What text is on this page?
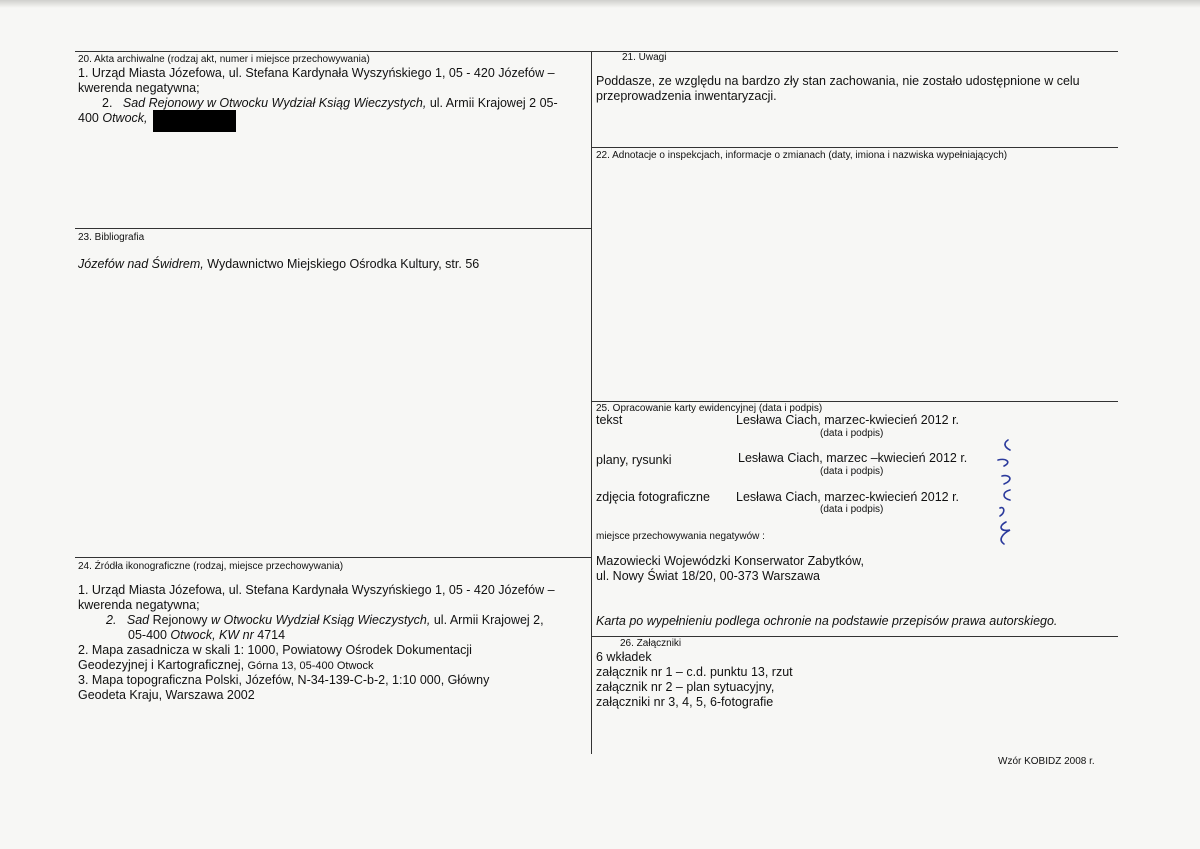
20. Akta archiwalne (rodzaj akt, numer i miejsce przechowywania)
1. Urząd Miasta Józefowa, ul. Stefana Kardynała Wyszyńskiego 1, 05 - 420 Józefów –
kwerenda negatywna;
2. Sad Rejonowy w Otwocku Wydział Ksiąg Wieczystych, ul. Armii Krajowej 2 05-
400 Otwock,
21. Uwagi
Poddasze, ze względu na bardzo zły stan zachowania, nie zostało udostępnione w celu
przeprowadzenia inwentaryzacji.
22. Adnotacje o inspekcjach, informacje o zmianach (daty, imiona i nazwiska wypełniających)
23. Bibliografia
Józefów nad Świdrem, Wydawnictwo Miejskiego Ośrodka Kultury, str. 56
25. Opracowanie karty ewidencyjnej (data i podpis)
tekst	Lesława Ciach, marzec-kwiecień 2012 r.
(data i podpis)
plany, rysunki	Lesława Ciach, marzec –kwiecień 2012 r.
(data i podpis)
zdjęcia fotograficzne Lesława Ciach, marzec-kwiecień 2012 r.
(data i podpis)
miejsce przechowywania negatywów :
Mazowiecki Wojewódzki Konserwator Zabytków,
ul. Nowy Świat 18/20, 00-373 Warszawa
Karta po wypełnieniu podlega ochronie na podstawie przepisów prawa autorskiego.
24. Źródła ikonograficzne (rodzaj, miejsce przechowywania)
1. Urząd Miasta Józefowa, ul. Stefana Kardynała Wyszyńskiego 1, 05 - 420 Józefów –
kwerenda negatywna;
2. Sad Rejonowy w Otwocku Wydział Ksiąg Wieczystych, ul. Armii Krajowej 2,
05-400 Otwock, KW nr 4714
2. Mapa zasadnicza w skali 1: 1000, Powiatowy Ośrodek Dokumentacji
Geodezyjnej i Kartograficznej, Górna 13, 05-400 Otwock
3. Mapa topograficzna Polski, Józefów, N-34-139-C-b-2, 1:10 000, Główny
Geodeta Kraju, Warszawa 2002
26. Załączniki
6 wkładek
załącznik nr 1 – c.d. punktu 13, rzut
załącznik nr 2 – plan sytuacyjny,
załączniki nr 3, 4, 5, 6-fotografie
Wzór KOBIDZ 2008 r.
